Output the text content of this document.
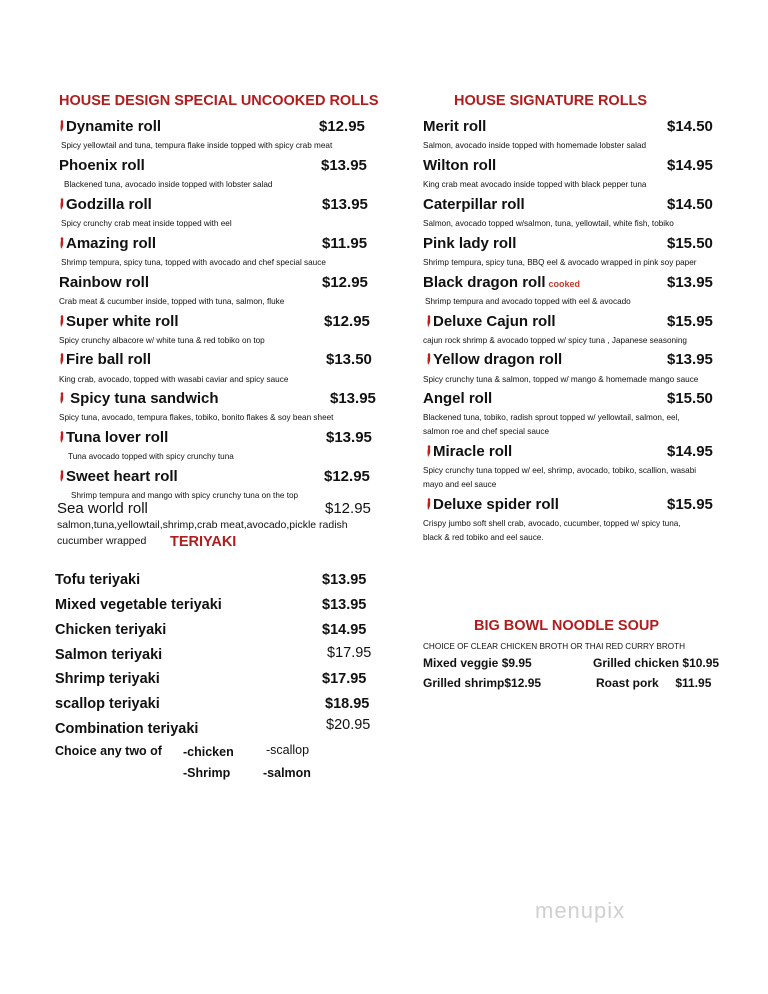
HOUSE DESIGN SPECIAL UNCOOKED ROLLS
Dynamite roll	$12.95
Spicy yellowtail and tuna, tempura flake inside topped with spicy crab meat
Phoenix roll	$13.95
Blackened tuna, avocado inside topped with lobster salad
Godzilla roll	$13.95
Spicy crunchy crab meat inside topped with eel
Amazing roll	$11.95
Shrimp tempura, spicy tuna, topped with avocado and chef special sauce
Rainbow roll	$12.95
Crab meat & cucumber inside, topped with tuna, salmon, fluke
Super white roll	$12.95
Spicy crunchy albacore w/ white tuna & red tobiko on top
Fire ball roll	$13.50
King crab, avocado, topped with wasabi caviar and spicy sauce
Spicy tuna sandwich	$13.95
Spicy tuna, avocado, tempura flakes, tobiko, bonito flakes & soy bean sheet
Tuna lover roll	$13.95
Tuna avocado topped with spicy crunchy tuna
Sweet heart roll	$12.95
Shrimp tempura and mango with spicy crunchy tuna on the top
Sea world roll	$12.95
salmon,tuna,yellowtail,shrimp,crab meat,avocado,pickle radish
cucumber wrapped TERIYAKI
Tofu teriyaki	$13.95
Mixed vegetable teriyaki	$13.95
Chicken teriyaki	$14.95
Salmon teriyaki	$17.95
Shrimp teriyaki	$17.95
scallop teriyaki	$18.95
Combination teriyaki	$20.95
Choice any two of -chicken	-scallop
-Shrimp	-salmon
HOUSE SIGNATURE ROLLS
Merit roll	$14.50
Salmon, avocado inside topped with homemade lobster salad
Wilton roll	$14.95
King crab meat avocado inside topped with black pepper tuna
Caterpillar roll	$14.50
Salmon, avocado topped w/salmon, tuna, yellowtail, white fish, tobiko
Pink lady roll	$15.50
Shrimp tempura, spicy tuna, BBQ eel & avocado wrapped in pink soy paper
Black dragon roll cooked	$13.95
Shrimp tempura and avocado topped with eel & avocado
Deluxe Cajun roll	$15.95
cajun rock shrimp & avocado topped w/ spicy tuna , Japanese seasoning
Yellow dragon roll	$13.95
Spicy crunchy tuna & salmon, topped w/ mango & homemade mango sauce
Angel roll	$15.50
Blackened tuna, tobiko, radish sprout topped w/ yellowtail, salmon, eel,
salmon roe and chef special sauce
Miracle roll	$14.95
Spicy crunchy tuna topped w/ eel, shrimp, avocado, tobiko, scallion, wasabi
mayo and eel sauce
Deluxe spider roll	$15.95
Crispy jumbo soft shell crab, avocado, cucumber, topped w/ spicy tuna,
black & red tobiko and eel sauce.
BIG BOWL NOODLE SOUP
CHOICE OF CLEAR CHICKEN BROTH OR THAI RED CURRY BROTH
Mixed veggie $9.95	Grilled chicken $10.95
Grilled shrimp$12.95	Roast pork $11.95
menupix
